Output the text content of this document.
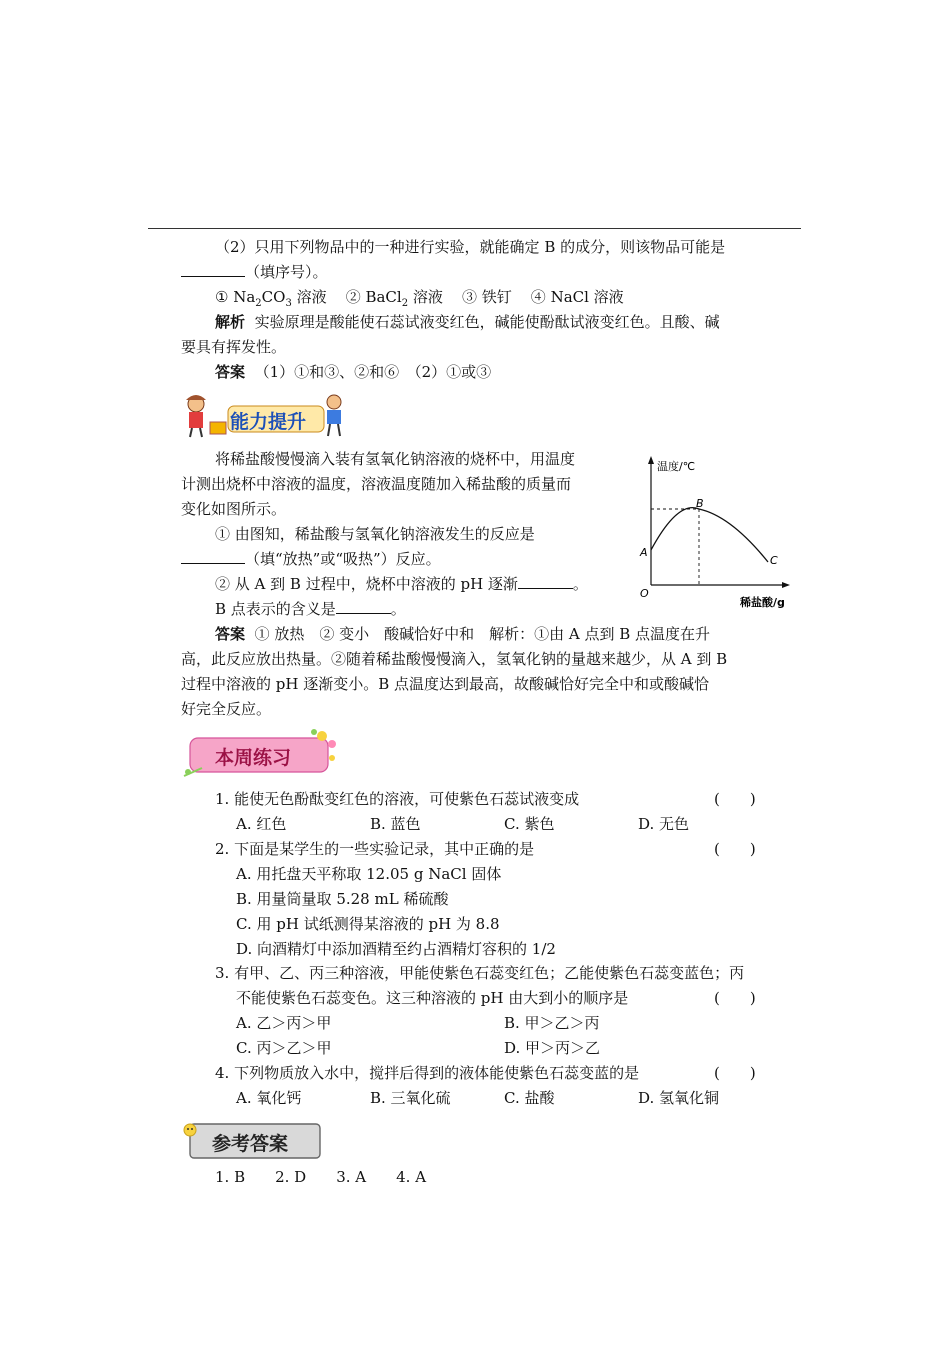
（2）只用下列物品中的一种进行实验，就能确定 B 的成分，则该物品可能是
（填序号）。
① $Na_2CO_3$ 溶液 ② BaCl$_2$ 溶液 ③ 铁钉 ④ NaCl 溶液
解析 实验原理是酸能使石蕊试液变红色，碱能使酚酞试液变红色。且酸、碱
要具有挥发性。
答案 （1）①和③、②和⑥　（2）①或③
能力提升
将稀盐酸慢慢滴入装有氢氧化钠溶液的烧杯中，用温度
计测出烧杯中溶液的温度，溶液温度随加入稀盐酸的质量而
变化如图所示。
① 由图知，稀盐酸与氢氧化钠溶液发生的反应是
（填“放热”或“吸热”）反应。
② 从 A 到 B 过程中，烧杯中溶液的 pH 逐渐	。
B 点表示的含义是	。
温度/℃
稀盐酸/g
O
A
B
C
答案 ① 放热　② 变小　酸碱恰好中和　解析：①由 A 点到 B 点温度在升
高，此反应放出热量。②随着稀盐酸慢慢滴入，氢氧化钠的量越来越少，从 A 到 B
过程中溶液的 pH 逐渐变小。B 点温度达到最高，故酸碱恰好完全中和或酸碱恰
好完全反应。
本周练习
1. 能使无色酚酞变红色的溶液，可使紫色石蕊试液变成	(　　)
A. 红色	B. 蓝色	C. 紫色	D. 无色
2. 下面是某学生的一些实验记录，其中正确的是	(　　)
A. 用托盘天平称取 12.05 g NaCl 固体
B. 用量筒量取 5.28 mL 稀硫酸
C. 用 pH 试纸测得某溶液的 pH 为 8.8
D. 向酒精灯中添加酒精至约占酒精灯容积的 1/2
3. 有甲、乙、丙三种溶液，甲能使紫色石蕊变红色；乙能使紫色石蕊变蓝色；丙
不能使紫色石蕊变色。这三种溶液的 pH 由大到小的顺序是	(　　)
A. 乙＞丙＞甲	B. 甲＞乙＞丙
C. 丙＞乙＞甲	D. 甲＞丙＞乙
4. 下列物质放入水中，搅拌后得到的液体能使紫色石蕊变蓝的是	(　　)
A. 氧化钙	B. 三氧化硫	C. 盐酸	D. 氢氧化铜
参考答案
1. B　　2. D　　3. A　　4. A
